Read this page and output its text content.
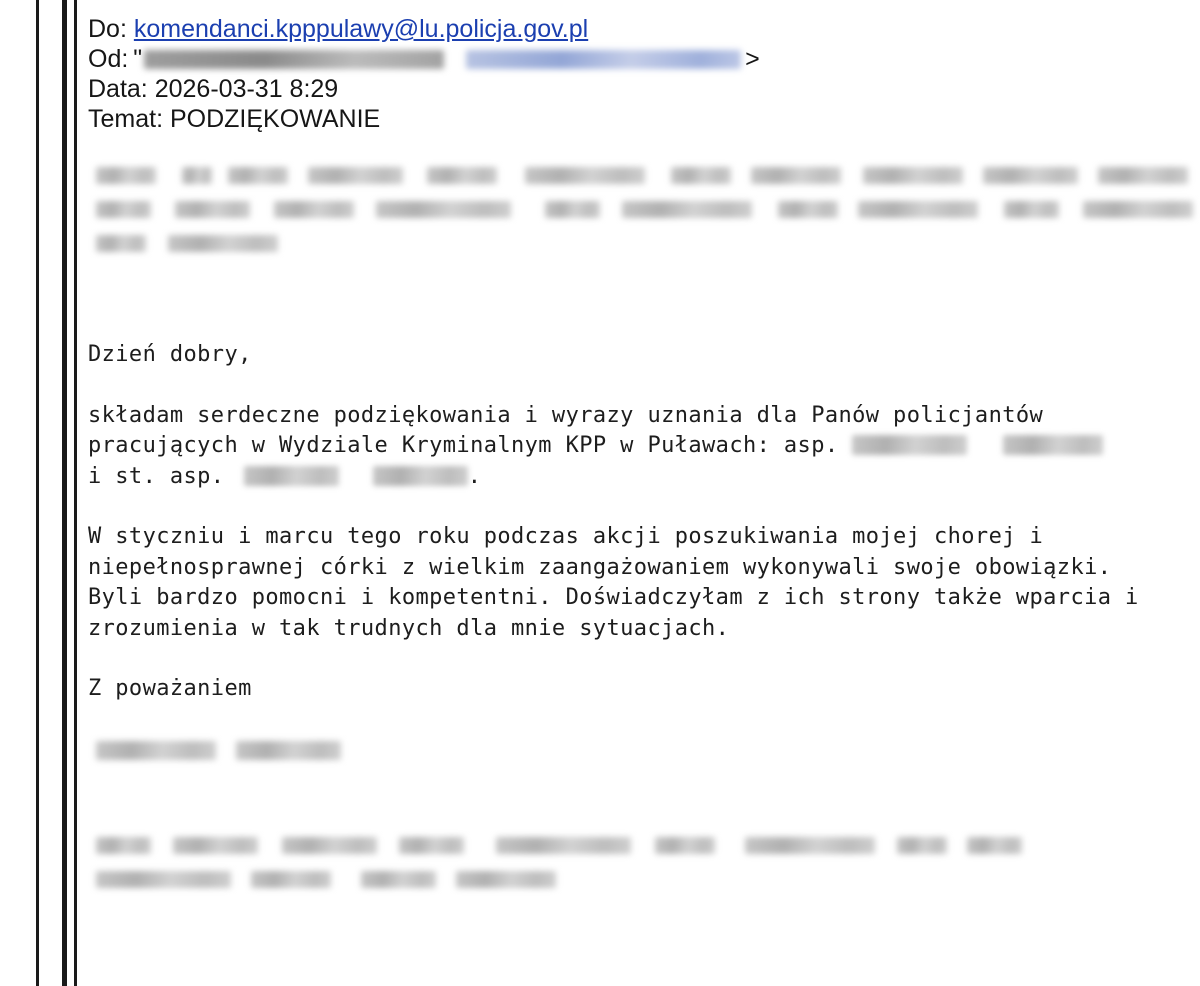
Do: komendanci.kpppulawy@lu.policja.gov.pl
Od: "	>
Data: 2026-03-31 8:29
Temat: PODZIĘKOWANIE

Dzień dobry,

składam serdeczne podziękowania i wyrazy uznania dla Panów policjantów pracujących w Wydziale Kryminalnym KPP w Puławach: asp.
i st. asp.	.

W styczniu i marcu tego roku podczas akcji poszukiwania mojej chorej i niepełnosprawnej córki z wielkim zaangażowaniem wykonywali swoje obowiązki. Byli bardzo pomocni i kompetentni. Doświadczyłam z ich strony także wparcia i zrozumienia w tak trudnych dla mnie sytuacjach.

Z poważaniem
